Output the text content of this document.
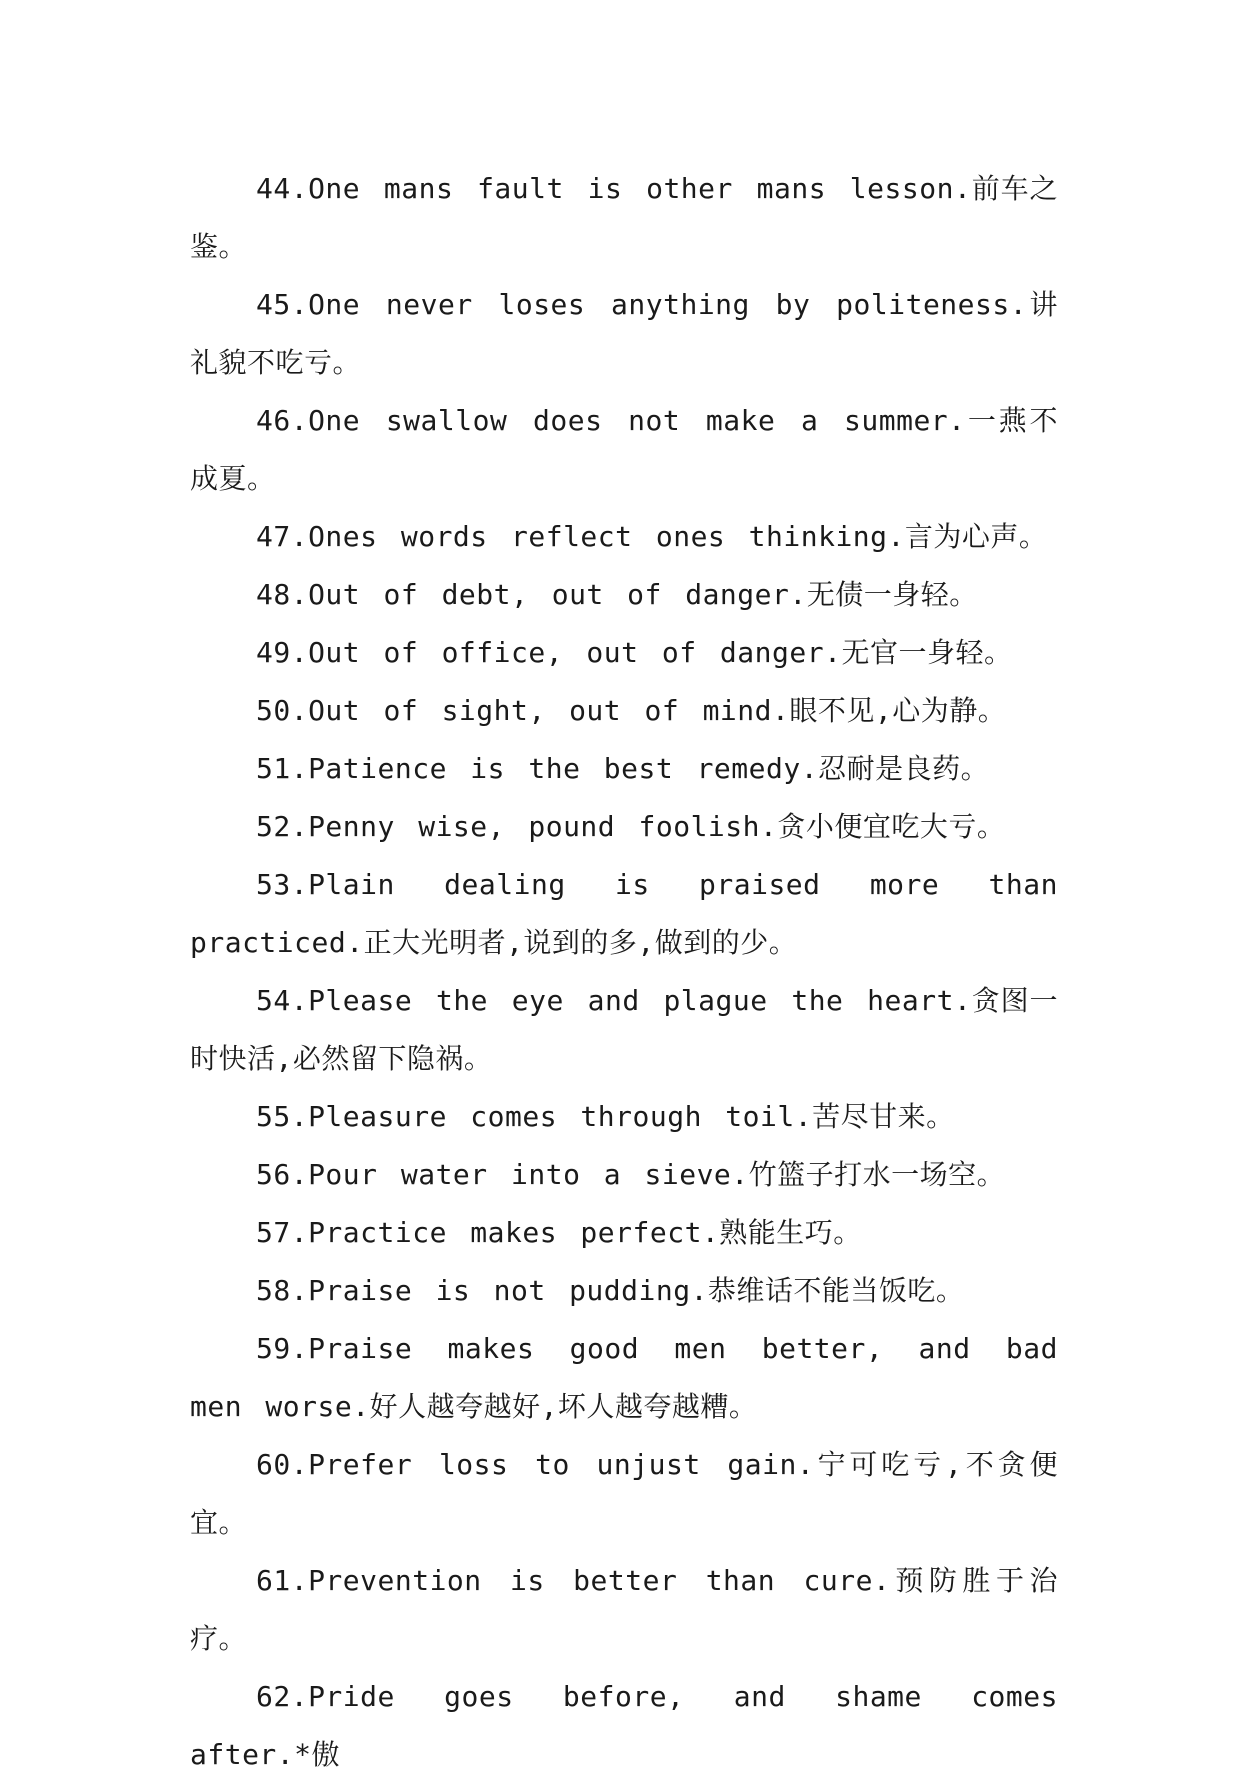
44.One mans fault is other mans lesson.前车之鉴。

45.One never loses anything by politeness.讲礼貌不吃亏。

46.One swallow does not make a summer.一燕不成夏。

47.Ones words reflect ones thinking.言为心声。

48.Out of debt, out of danger.无债一身轻。

49.Out of office, out of danger.无官一身轻。

50.Out of sight, out of mind.眼不见,心为静。

51.Patience is the best remedy.忍耐是良药。

52.Penny wise, pound foolish.贪小便宜吃大亏。

53.Plain dealing is praised more than practiced.正大光明者,说到的多,做到的少。

54.Please the eye and plague the heart.贪图一时快活,必然留下隐祸。

55.Pleasure comes through toil.苦尽甘来。

56.Pour water into a sieve.竹篮子打水一场空。

57.Practice makes perfect.熟能生巧。

58.Praise is not pudding.恭维话不能当饭吃。

59.Praise makes good men better, and bad men worse.好人越夸越好,坏人越夸越糟。

60.Prefer loss to unjust gain.宁可吃亏,不贪便宜。

61.Prevention is better than cure.预防胜于治疗。

62.Pride goes before, and shame comes after.*傲
